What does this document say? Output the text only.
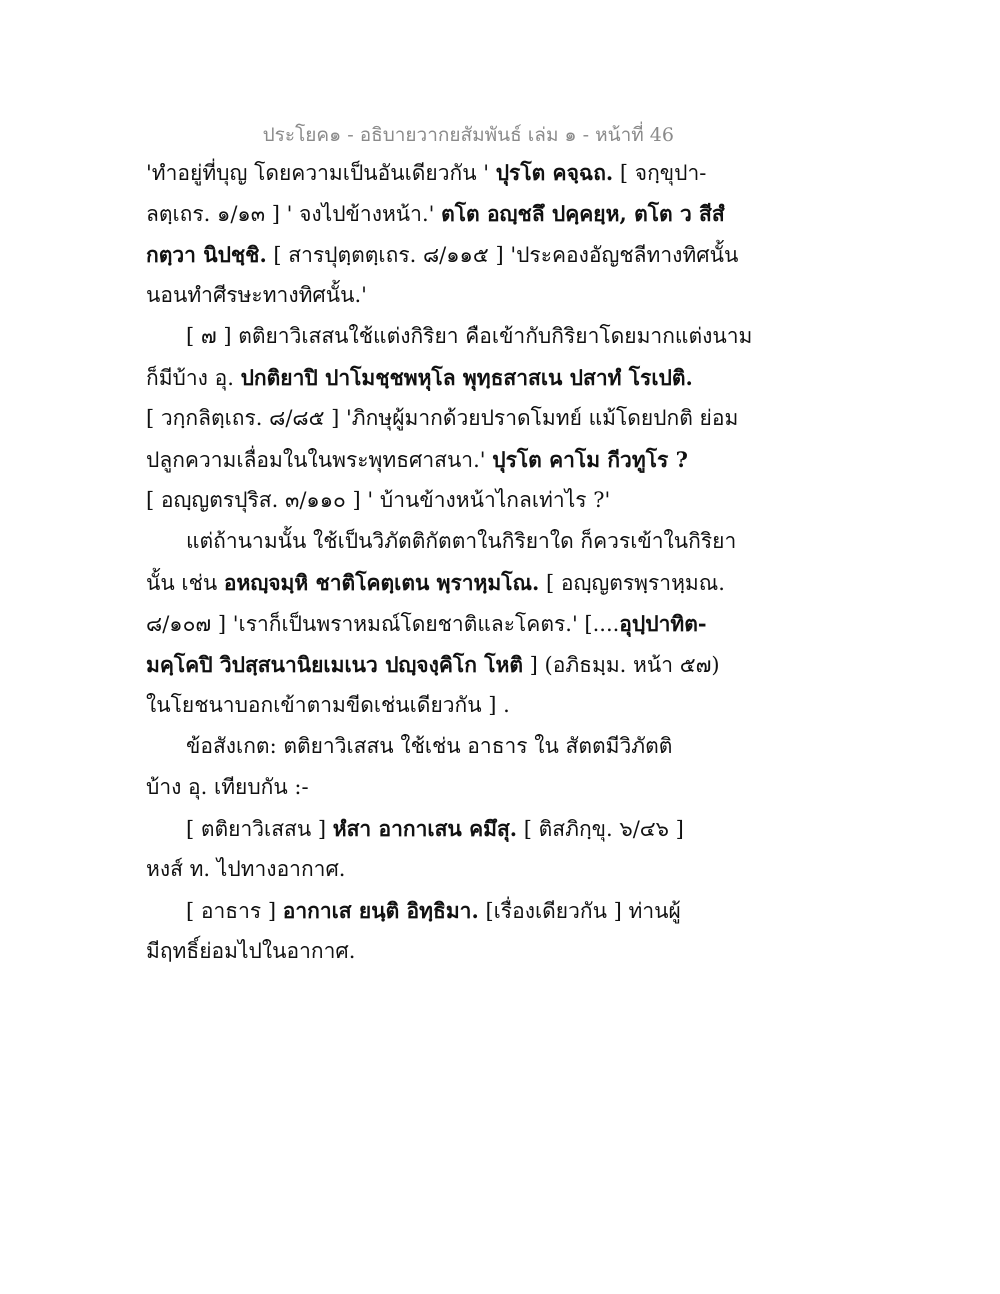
ประโยค๑ - อธิบายวากยสัมพันธ์ เล่ม ๑ - หน้าที่ 46
'ทำอยู่ที่บุญ โดยความเป็นอันเดียวกัน ' ปุรโต คจฺฉถ. [ จกฺขุปา-
ลตฺเถร. ๑/๑๓ ] ' จงไปข้างหน้า.' ตโต อญฺชลึ ปคฺคยฺห, ตโต ว สีสํ
กตฺวา นิปชฺชิ. [ สารปุตฺตตฺเถร. ๘/๑๑๕ ] 'ประคองอัญชลีทางทิศนั้น
นอนทำศีรษะทางทิศนั้น.'
[ ๗ ] ตติยาวิเสสนใช้แต่งกิริยา คือเข้ากับกิริยาโดยมากแต่งนาม
ก็มีบ้าง อุ. ปกติยาปิ ปาโมชฺชพหุโล พุทฺธสาสเน ปสาทํ โรเปติ.
[ วกฺกลิตฺเถร. ๘/๘๕ ] 'ภิกษุผู้มากด้วยปราดโมทย์ แม้โดยปกติ ย่อม
ปลูกความเลื่อมในในพระพุทธศาสนา.' ปุรโต คาโม กีวทูโร ?
[ อญฺญตรปุริส. ๓/๑๑๐ ] ' บ้านข้างหน้าไกลเท่าไร ?'
แต่ถ้านามนั้น ใช้เป็นวิภัตติกัตตาในกิริยาใด ก็ควรเข้าในกิริยา
นั้น เช่น อหญฺจมฺหิ ชาติโคตฺเตน พฺราหฺมโณ. [ อญฺญตรพฺราหฺมณ.
๘/๑๐๗ ] 'เราก็เป็นพราหมณ์โดยชาติและโคตร.' [....อุปฺปาทิต-
มคฺโคปิ วิปสฺสนานิยเมเนว ปญฺจงฺคิโก โหติ ] (อภิธมฺม. หน้า ๕๗)
ในโยชนาบอกเข้าตามขีดเช่นเดียวกัน ] .
ข้อสังเกต: ตติยาวิเสสน ใช้เช่น อาธาร ใน สัตตมีวิภัตติ
บ้าง อุ. เทียบกัน :-
[ ตติยาวิเสสน ] หํสา อากาเสน คมึสุ. [ ติสภิกฺขุ. ๖/๔๖ ]
หงส์ ท. ไปทางอากาศ.
[ อาธาร ] อากาเส ยนฺติ อิทฺธิมา. [เรื่องเดียวกัน ] ท่านผู้
มีฤทธิ์ย่อมไปในอากาศ.
